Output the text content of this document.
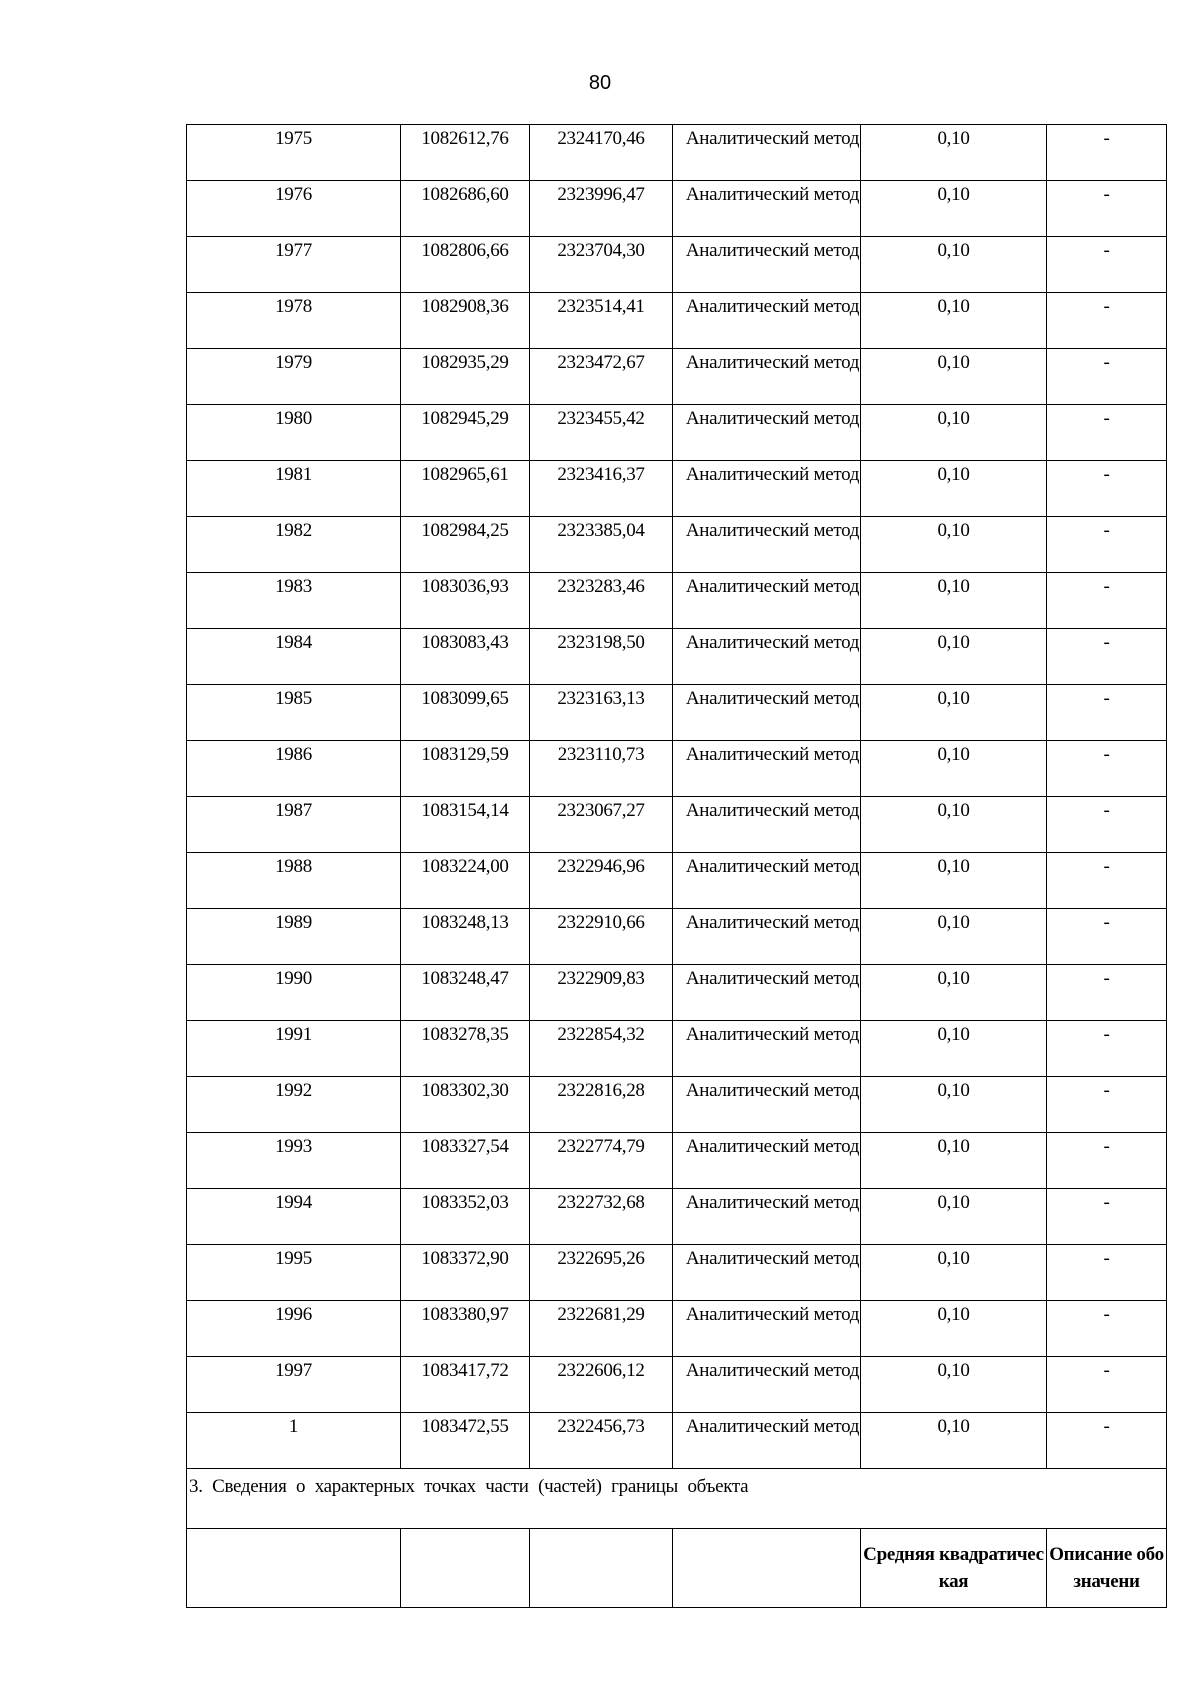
80
1975	1082612,76	2324170,46	Аналитический метод	0,10	-
1976	1082686,60	2323996,47	Аналитический метод	0,10	-
1977	1082806,66	2323704,30	Аналитический метод	0,10	-
1978	1082908,36	2323514,41	Аналитический метод	0,10	-
1979	1082935,29	2323472,67	Аналитический метод	0,10	-
1980	1082945,29	2323455,42	Аналитический метод	0,10	-
1981	1082965,61	2323416,37	Аналитический метод	0,10	-
1982	1082984,25	2323385,04	Аналитический метод	0,10	-
1983	1083036,93	2323283,46	Аналитический метод	0,10	-
1984	1083083,43	2323198,50	Аналитический метод	0,10	-
1985	1083099,65	2323163,13	Аналитический метод	0,10	-
1986	1083129,59	2323110,73	Аналитический метод	0,10	-
1987	1083154,14	2323067,27	Аналитический метод	0,10	-
1988	1083224,00	2322946,96	Аналитический метод	0,10	-
1989	1083248,13	2322910,66	Аналитический метод	0,10	-
1990	1083248,47	2322909,83	Аналитический метод	0,10	-
1991	1083278,35	2322854,32	Аналитический метод	0,10	-
1992	1083302,30	2322816,28	Аналитический метод	0,10	-
1993	1083327,54	2322774,79	Аналитический метод	0,10	-
1994	1083352,03	2322732,68	Аналитический метод	0,10	-
1995	1083372,90	2322695,26	Аналитический метод	0,10	-
1996	1083380,97	2322681,29	Аналитический метод	0,10	-
1997	1083417,72	2322606,12	Аналитический метод	0,10	-
1	1083472,55	2322456,73	Аналитический метод	0,10	-
3. Сведения о характерных точках части (частей) границы объекта					
				Средняя квадратическая	Описание обозначени
